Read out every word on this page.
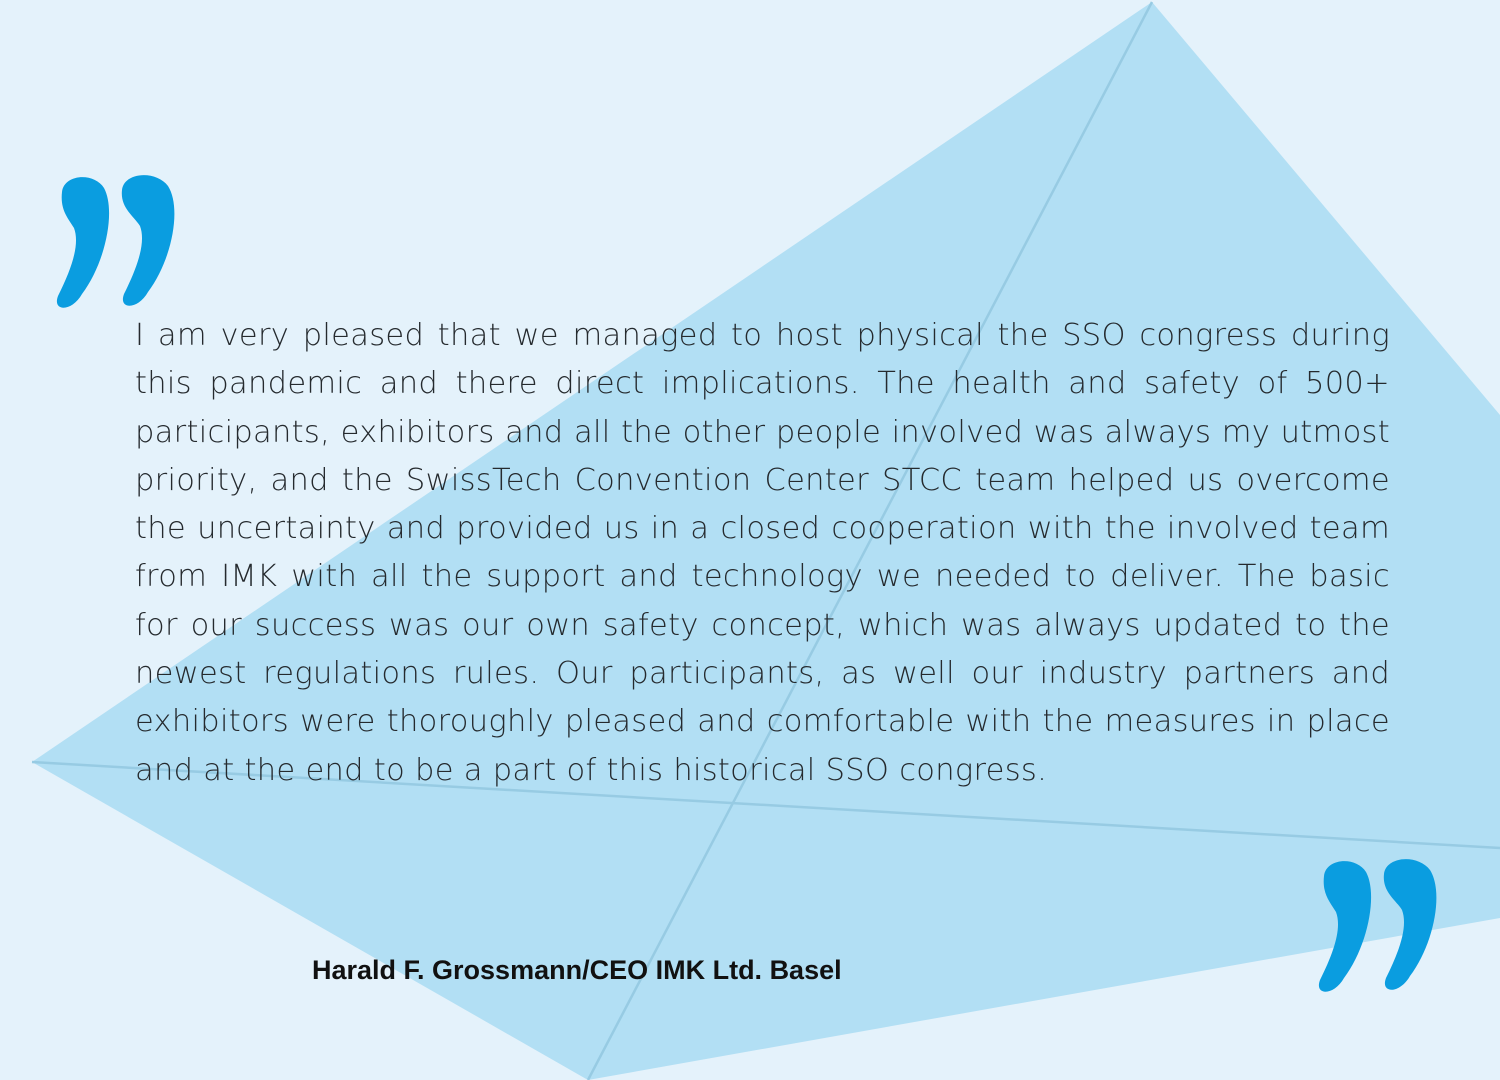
I am very pleased that we managed to host physical the SSO congress during this pandemic and there direct implications. The health and safety of 500+ participants, exhibitors and all the other people involved was always my utmost priority, and the SwissTech Convention Center STCC team helped us overcome the uncertainty and provided us in a closed cooperation with the involved team from IMK with all the support and technology we needed to deliver. The basic for our success was our own safety concept, which was always updated to the newest regulations rules. Our participants, as well our industry partners and exhibitors were thoroughly pleased and comfortable with the measures in place and at the end to be a part of this historical SSO congress.

Harald F. Grossmann/CEO IMK Ltd. Basel
